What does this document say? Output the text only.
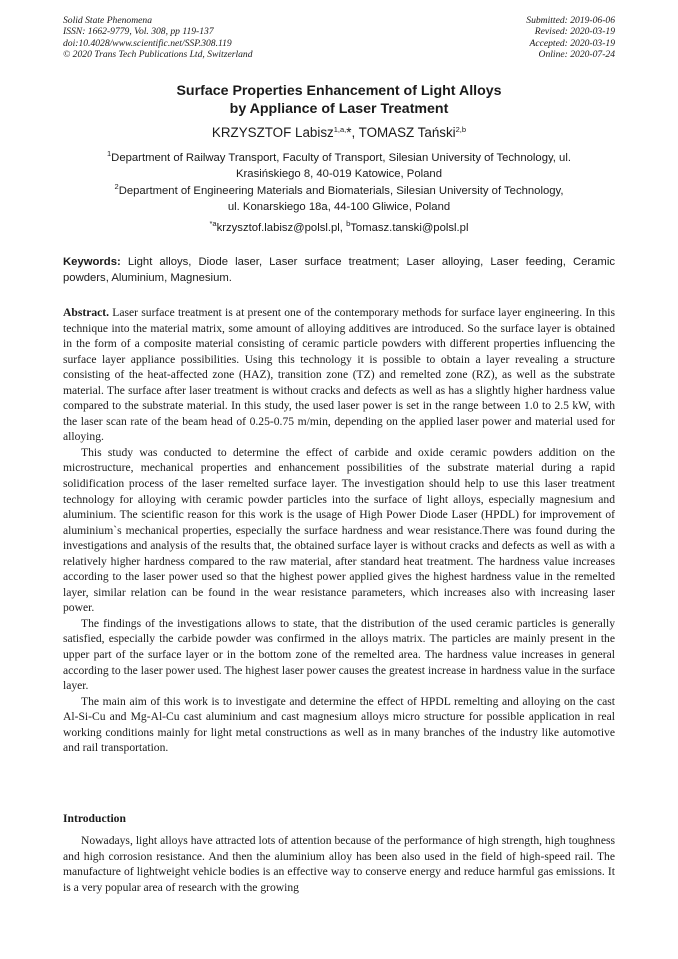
Solid State Phenomena
ISSN: 1662-9779, Vol. 308, pp 119-137
doi:10.4028/www.scientific.net/SSP.308.119
© 2020 Trans Tech Publications Ltd, Switzerland
Submitted: 2019-06-06
Revised: 2020-03-19
Accepted: 2020-03-19
Online: 2020-07-24
Surface Properties Enhancement of Light Alloys
by Appliance of Laser Treatment
KRZYSZTOF Labisz$^{1,a,}$*, TOMASZ Tański$^{2,b}$
$^1$Department of Railway Transport, Faculty of Transport, Silesian University of Technology, ul.
Krasińskiego 8, 40-019 Katowice, Poland
$^2$Department of Engineering Materials and Biomaterials, Silesian University of Technology,
ul. Konarskiego 18a, 44-100 Gliwice, Poland
$^{*a}$krzysztof.labisz@polsl.pl, $^b$Tomasz.tanski@polsl.pl
Keywords: Light alloys, Diode laser, Laser surface treatment; Laser alloying, Laser feeding, Ceramic powders, Aluminium, Magnesium.

Abstract. Laser surface treatment is at present one of the contemporary methods for surface layer engineering. In this technique into the material matrix, some amount of alloying additives are introduced. So the surface layer is obtained in the form of a composite material consisting of ceramic particle powders with different properties influencing the surface layer appliance possibilities. Using this technology it is possible to obtain a layer revealing a structure consisting of the heat-affected zone (HAZ), transition zone (TZ) and remelted zone (RZ), as well as the substrate material. The surface after laser treatment is without cracks and defects as well as has a slightly higher hardness value compared to the substrate material. In this study, the used laser power is set in the range between 1.0 to 2.5 kW, with the laser scan rate of the beam head of 0.25-0.75 m/min, depending on the applied laser power and material used for alloying.

This study was conducted to determine the effect of carbide and oxide ceramic powders addition on the microstructure, mechanical properties and enhancement possibilities of the substrate material during a rapid solidification process of the laser remelted surface layer. The investigation should help to use this laser treatment technology for alloying with ceramic powder particles into the surface of light alloys, especially magnesium and aluminium. The scientific reason for this work is the usage of High Power Diode Laser (HPDL) for improvement of aluminium`s mechanical properties, especially the surface hardness and wear resistance.There was found during the investigations and analysis of the results that, the obtained surface layer is without cracks and defects as well as with a relatively higher hardness compared to the raw material, after standard heat treatment. The hardness value increases according to the laser power used so that the highest power applied gives the highest hardness value in the remelted layer, similar relation can be found in the wear resistance parameters, which increases also with increasing laser power.

The findings of the investigations allows to state, that the distribution of the used ceramic particles is generally satisfied, especially the carbide powder was confirmed in the alloys matrix. The particles are mainly present in the upper part of the surface layer or in the bottom zone of the remelted area. The hardness value increases in general according to the laser power used. The highest laser power causes the greatest increase in hardness value in the surface layer.

The main aim of this work is to investigate and determine the effect of HPDL remelting and alloying on the cast Al-Si-Cu and Mg-Al-Cu cast aluminium and cast magnesium alloys micro structure for possible application in real working conditions mainly for light metal constructions as well as in many branches of the industry like automotive and rail transportation.

Introduction

Nowadays, light alloys have attracted lots of attention because of the performance of high strength, high toughness and high corrosion resistance. And then the aluminium alloy has been also used in the field of high-speed rail. The manufacture of lightweight vehicle bodies is an effective way to conserve energy and reduce harmful gas emissions. It is a very popular area of research with the growing
